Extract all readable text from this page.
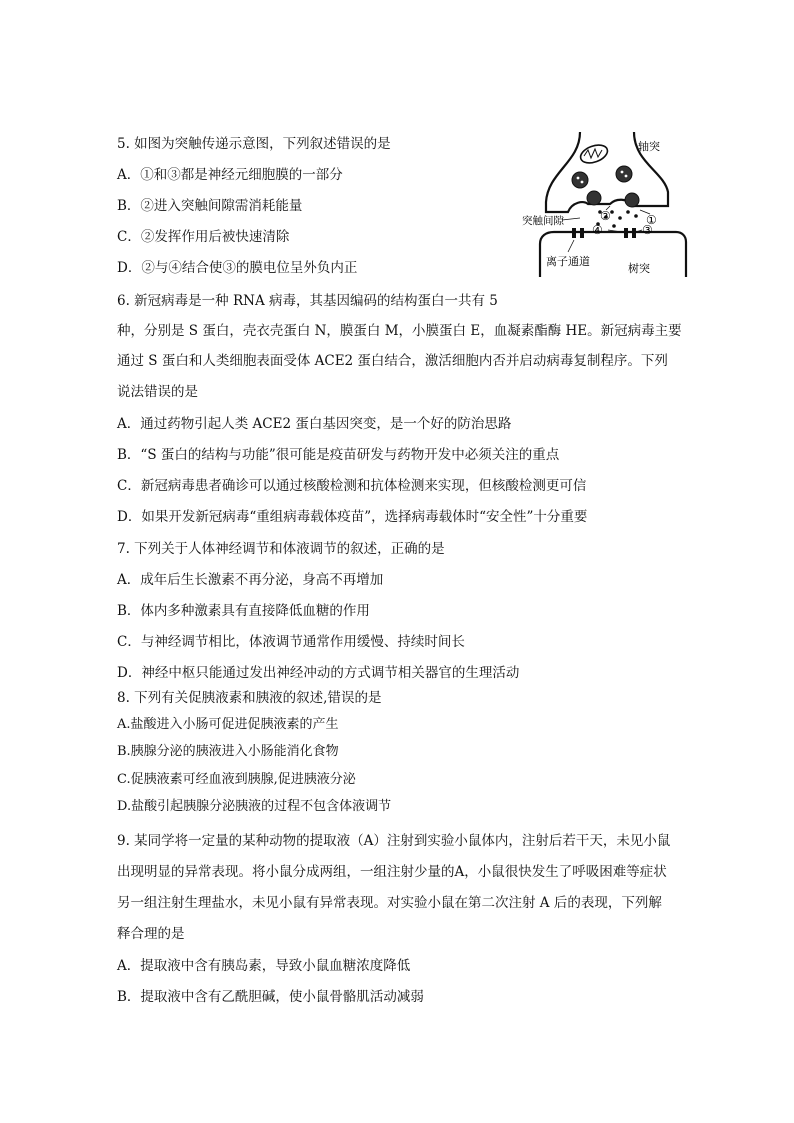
5. 如图为突触传递示意图，下列叙述错误的是
A．①和③都是神经元细胞膜的一部分
B．②进入突触间隙需消耗能量
C．②发挥作用后被快速清除
D．②与④结合使③的膜电位呈外负内正
轴突
突触间隙	②	①
④	③
离子通道
树突
6. 新冠病毒是一种 RNA 病毒，其基因编码的结构蛋白一共有 5
种，分别是 S 蛋白，壳衣壳蛋白 N，膜蛋白 M，小膜蛋白 E，血凝素酯酶 HE。新冠病毒主要
通过 S 蛋白和人类细胞表面受体 ACE2 蛋白结合，激活细胞内否并启动病毒复制程序。下列
说法错误的是
A．通过药物引起人类 ACE2 蛋白基因突变，是一个好的防治思路
B．“S 蛋白的结构与功能”很可能是疫苗研发与药物开发中必须关注的重点
C．新冠病毒患者确诊可以通过核酸检测和抗体检测来实现，但核酸检测更可信
D．如果开发新冠病毒“重组病毒载体疫苗”，选择病毒载体时“安全性”十分重要
7. 下列关于人体神经调节和体液调节的叙述，正确的是
A．成年后生长激素不再分泌，身高不再增加
B．体内多种激素具有直接降低血糖的作用
C．与神经调节相比，体液调节通常作用缓慢、持续时间长
D．神经中枢只能通过发出神经冲动的方式调节相关器官的生理活动
8. 下列有关促胰液素和胰液的叙述,错误的是
A.盐酸进入小肠可促进促胰液素的产生
B.胰腺分泌的胰液进入小肠能消化食物
C.促胰液素可经血液到胰腺,促进胰液分泌
D.盐酸引起胰腺分泌胰液的过程不包含体液调节
9. 某同学将一定量的某种动物的提取液（A）注射到实验小鼠体内，注射后若干天，未见小鼠
出现明显的异常表现。将小鼠分成两组，一组注射少量的A，小鼠很快发生了呼吸困难等症状
另一组注射生理盐水，未见小鼠有异常表现。对实验小鼠在第二次注射 A 后的表现，下列解
释合理的是
A．提取液中含有胰岛素，导致小鼠血糖浓度降低
B．提取液中含有乙酰胆碱，使小鼠骨骼肌活动减弱
